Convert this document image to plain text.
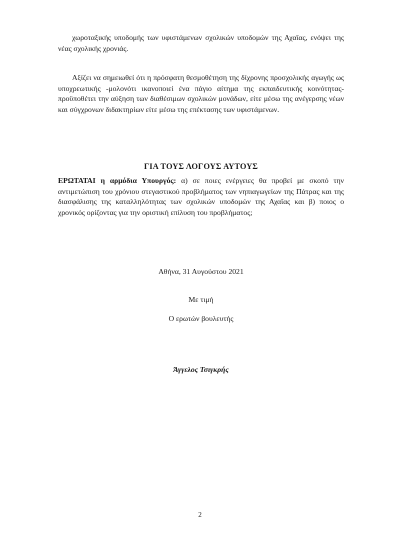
χωροταξικής υποδομής των υφιστάμενων σχολικών υποδομών της Αχαΐας, ενόψει της νέας σχολικής χρονιάς.

Αξίζει να σημειωθεί ότι η πρόσφατη θεσμοθέτηση της δίχρονης προσχολικής αγωγής ως υποχρεωτικής -μολονότι ικανοποιεί ένα πάγιο αίτημα της εκπαιδευτικής κοινότητας- προϋποθέτει την αύξηση των διαθέσιμων σχολικών μονάδων, είτε μέσω της ανέγερσης νέων και σύγχρονων διδακτηρίων είτε μέσω της επέκτασης των υφιστάμενων.

ΓΙΑ ΤΟΥΣ ΛΟΓΟΥΣ ΑΥΤΟΥΣ

ΕΡΩΤΑΤΑΙ η αρμόδια Υπουργός: α) σε ποιες ενέργειες θα προβεί με σκοπό την αντιμετώπιση του χρόνιου στεγαστικού προβλήματος των νηπιαγωγείων της Πάτρας και της διασφάλισης της καταλληλότητας των σχολικών υποδομών της Αχαΐας και β) ποιος ο χρονικός ορίζοντας για την οριστική επίλυση του προβλήματος;

Αθήνα, 31 Αυγούστου 2021

Με τιμή

Ο ερωτών βουλευτής

Άγγελος Τσιγκρής

2
